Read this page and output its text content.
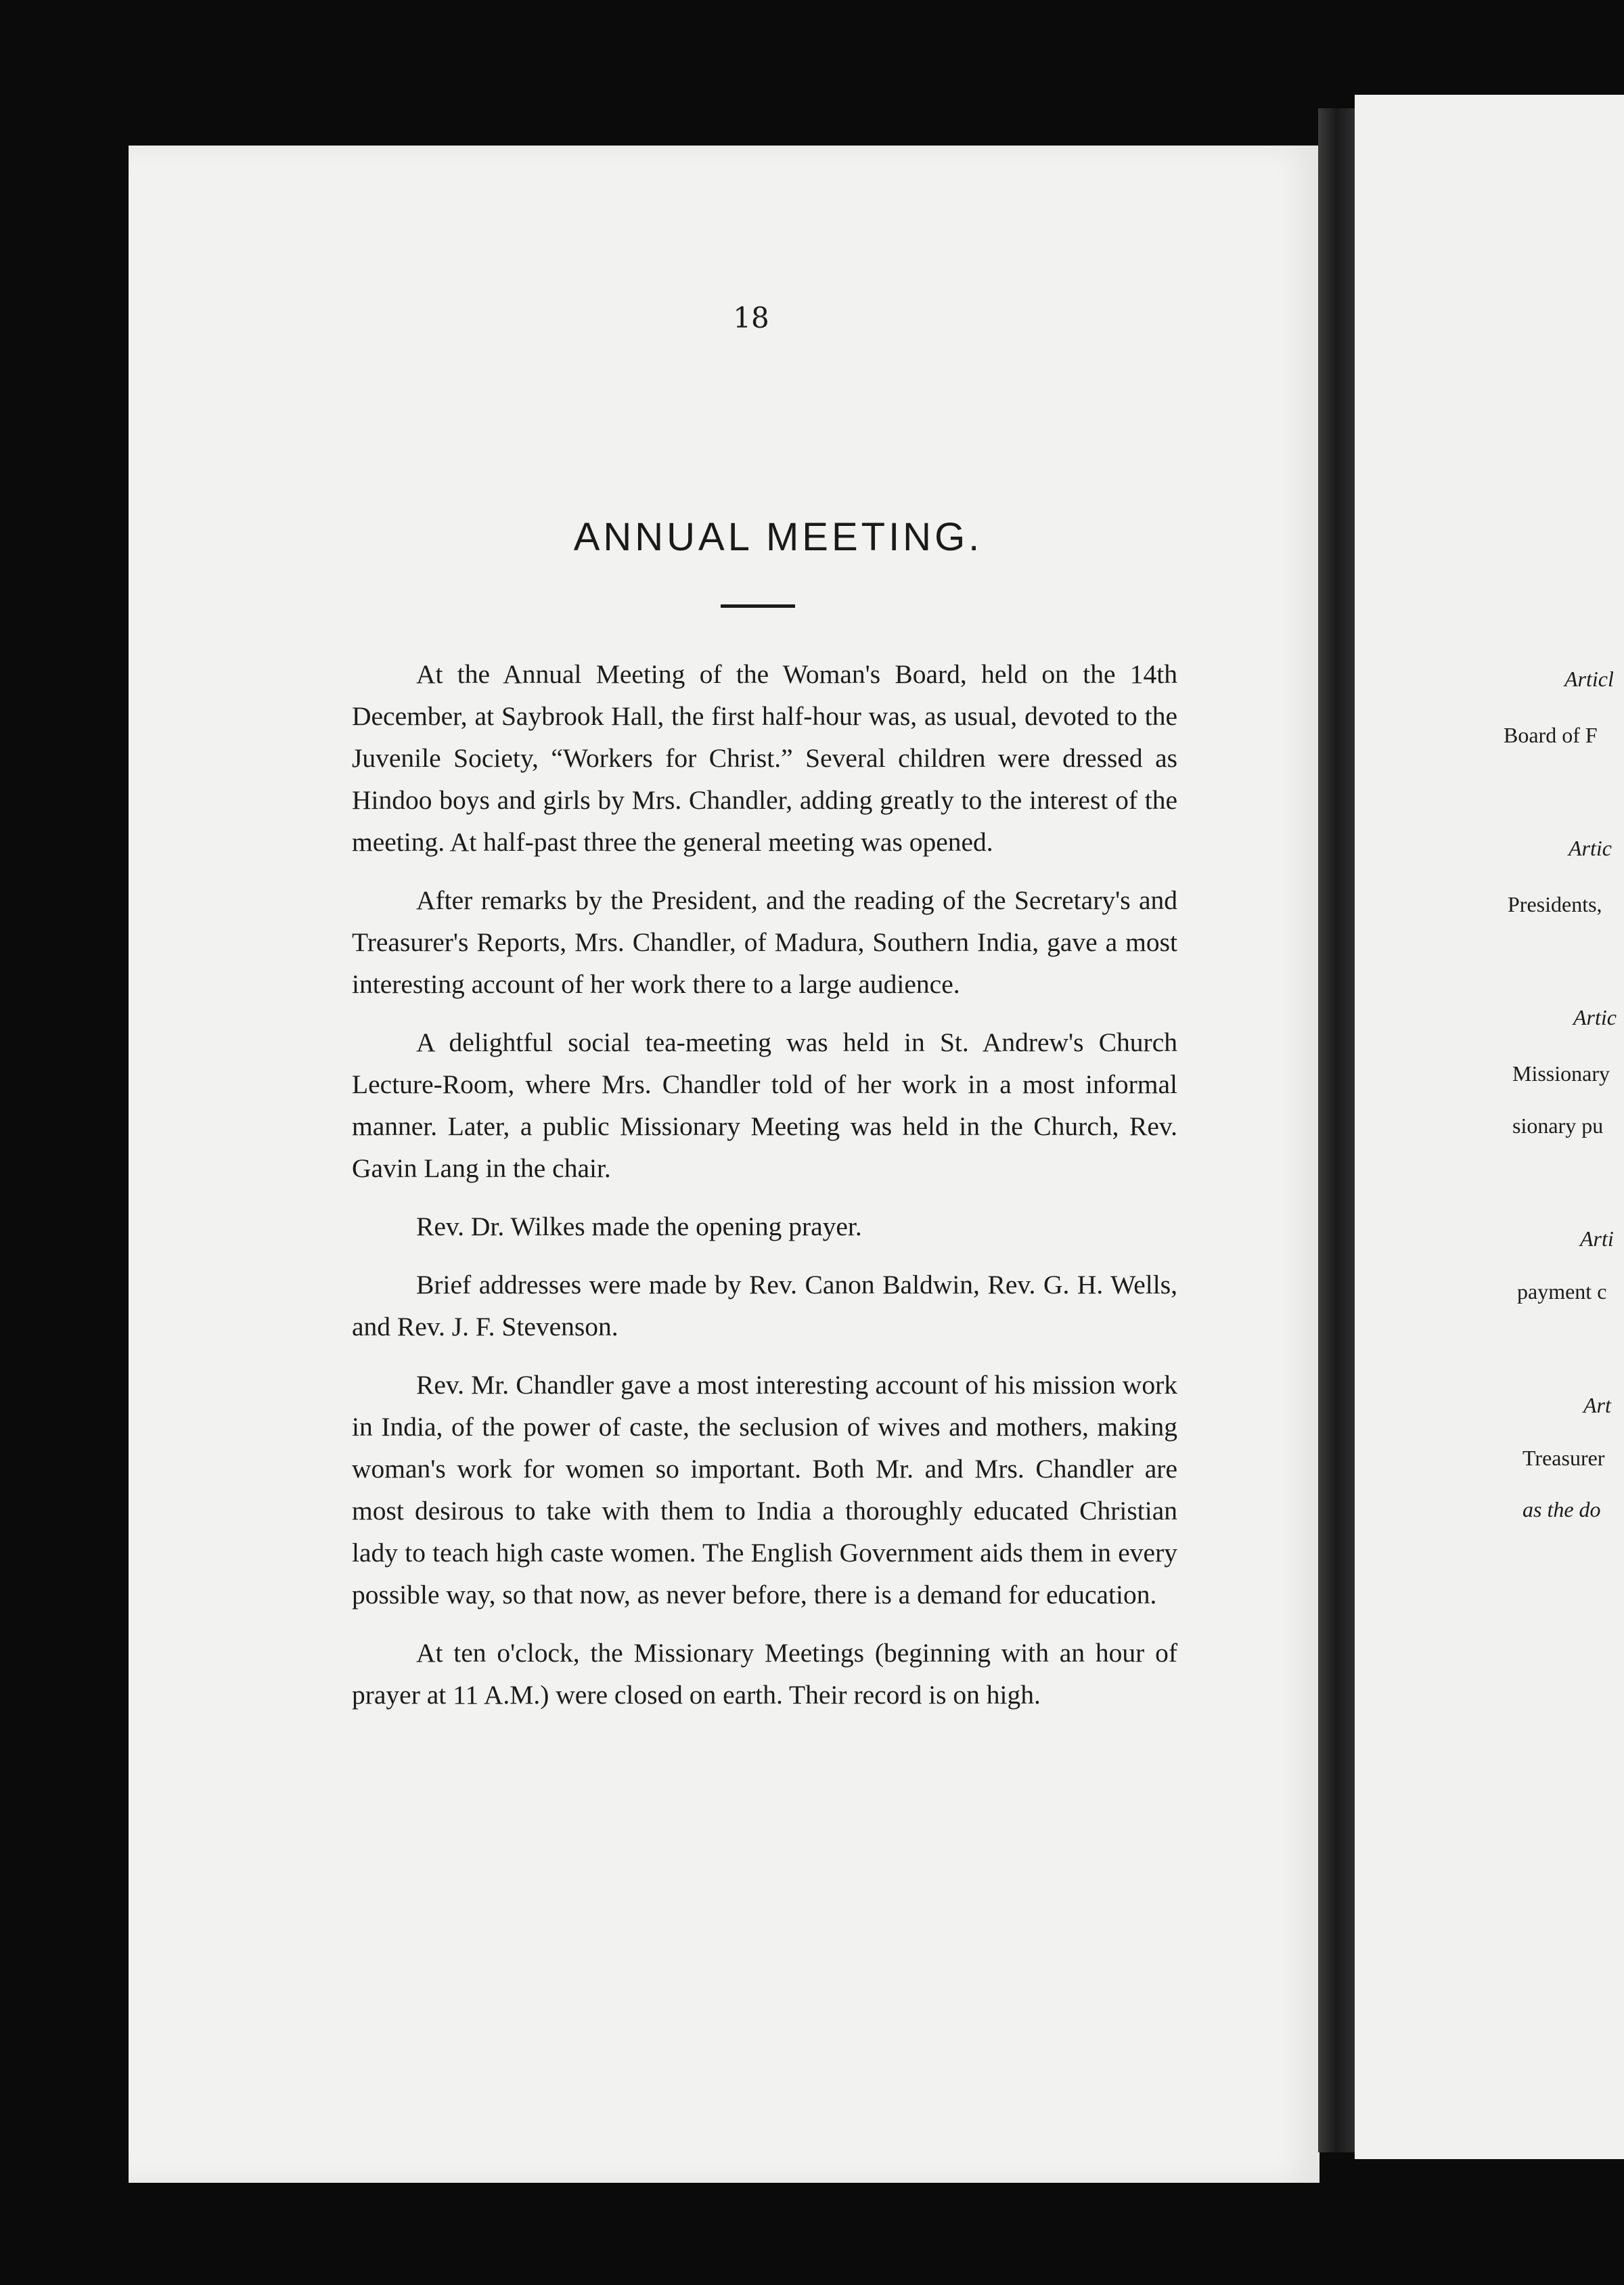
18
ANNUAL MEETING.

At the Annual Meeting of the Woman's Board, held on the 14th December, at Saybrook Hall, the first half-hour was, as usual, devoted to the Juvenile Society, “Workers for Christ.” Several children were dressed as Hindoo boys and girls by Mrs. Chandler, adding greatly to the interest of the meeting. At half-past three the general meeting was opened.

After remarks by the President, and the reading of the Secretary's and Treasurer's Reports, Mrs. Chandler, of Madura, Southern India, gave a most interesting account of her work there to a large audience.

A delightful social tea-meeting was held in St. Andrew's Church Lecture-Room, where Mrs. Chandler told of her work in a most informal manner. Later, a public Missionary Meeting was held in the Church, Rev. Gavin Lang in the chair.

Rev. Dr. Wilkes made the opening prayer.

Brief addresses were made by Rev. Canon Baldwin, Rev. G. H. Wells, and Rev. J. F. Stevenson.

Rev. Mr. Chandler gave a most interesting account of his mission work in India, of the power of caste, the seclusion of wives and mothers, making woman's work for women so important. Both Mr. and Mrs. Chandler are most desirous to take with them to India a thoroughly educated Christian lady to teach high caste women. The English Government aids them in every possible way, so that now, as never before, there is a demand for education.

At ten o'clock, the Missionary Meetings (beginning with an hour of prayer at 11 A.M.) were closed on earth. Their record is on high.

Articl
Board of F
Artic
Presidents,
Artic
Missionary
sionary pu
Arti
payment c
Art
Treasurer
as the do
